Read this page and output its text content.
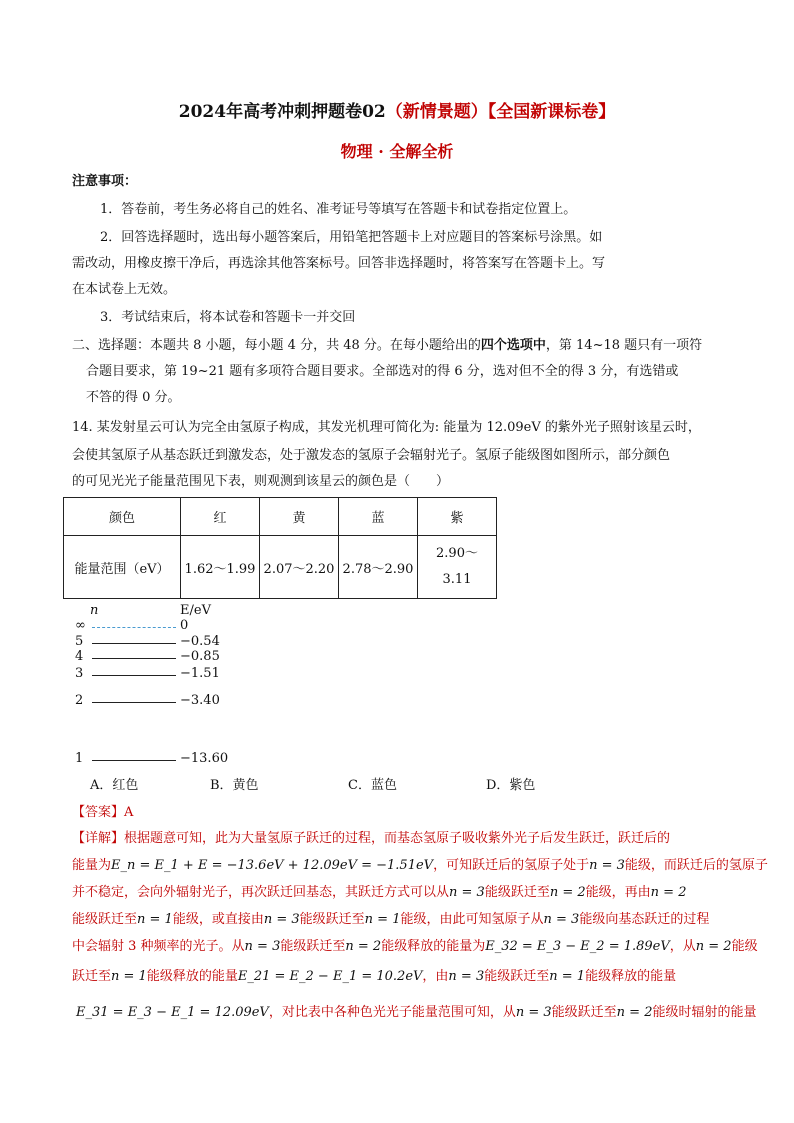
2024年高考冲刺押题卷02（新情景题）【全国新课标卷】
物理 · 全解全析
注意事项：
1．答卷前，考生务必将自己的姓名、准考证号等填写在答题卡和试卷指定位置上。
2．回答选择题时，选出每小题答案后，用铅笔把答题卡上对应题目的答案标号涂黑。如
需改动，用橡皮擦干净后，再选涂其他答案标号。回答非选择题时，将答案写在答题卡上。写
在本试卷上无效。
3．考试结束后，将本试卷和答题卡一并交回
二、选择题：本题共 8 小题，每小题 4 分，共 48 分。在每小题给出的四个选项中，第 14~18 题只有一项符
合题目要求，第 19~21 题有多项符合题目要求。全部选对的得 6 分，选对但不全的得 3 分，有选错或
不答的得 0 分。
14. 某发射星云可认为完全由氢原子构成，其发光机理可简化为: 能量为 12.09eV 的紫外光子照射该星云时，
会使其氢原子从基态跃迁到激发态，处于激发态的氢原子会辐射光子。氢原子能级图如图所示，部分颜色
的可见光光子能量范围见下表，则观测到该星云的颜色是（　　）
颜色	红	黄	蓝	紫
能量范围（eV）	1.62～1.99	2.07～2.20	2.78～2.90	2.90～
3.11
n	E/eV
∞	0
5	−0.54
4	−0.85
3	−1.51
2	−3.40
1	−13.60
A．红色	B．黄色	C．蓝色	D．紫色
【答案】A
【详解】根据题意可知，此为大量氢原子跃迁的过程，而基态氢原子吸收紫外光子后发生跃迁，跃迁后的
能量为E_n = E_1 + E = −13.6eV + 12.09eV = −1.51eV，可知跃迁后的氢原子处于n = 3能级，而跃迁后的氢原子
并不稳定，会向外辐射光子，再次跃迁回基态，其跃迁方式可以从n = 3能级跃迁至n = 2能级，再由n = 2
能级跃迁至n = 1能级，或直接由n = 3能级跃迁至n = 1能级，由此可知氢原子从n = 3能级向基态跃迁的过程
中会辐射 3 种频率的光子。从n = 3能级跃迁至n = 2能级释放的能量为E_32 = E_3 − E_2 = 1.89eV，从n = 2能级
跃迁至n = 1能级释放的能量E_21 = E_2 − E_1 = 10.2eV，由n = 3能级跃迁至n = 1能级释放的能量
E_31 = E_3 − E_1 = 12.09eV，对比表中各种色光光子能量范围可知，从n = 3能级跃迁至n = 2能级时辐射的能量
